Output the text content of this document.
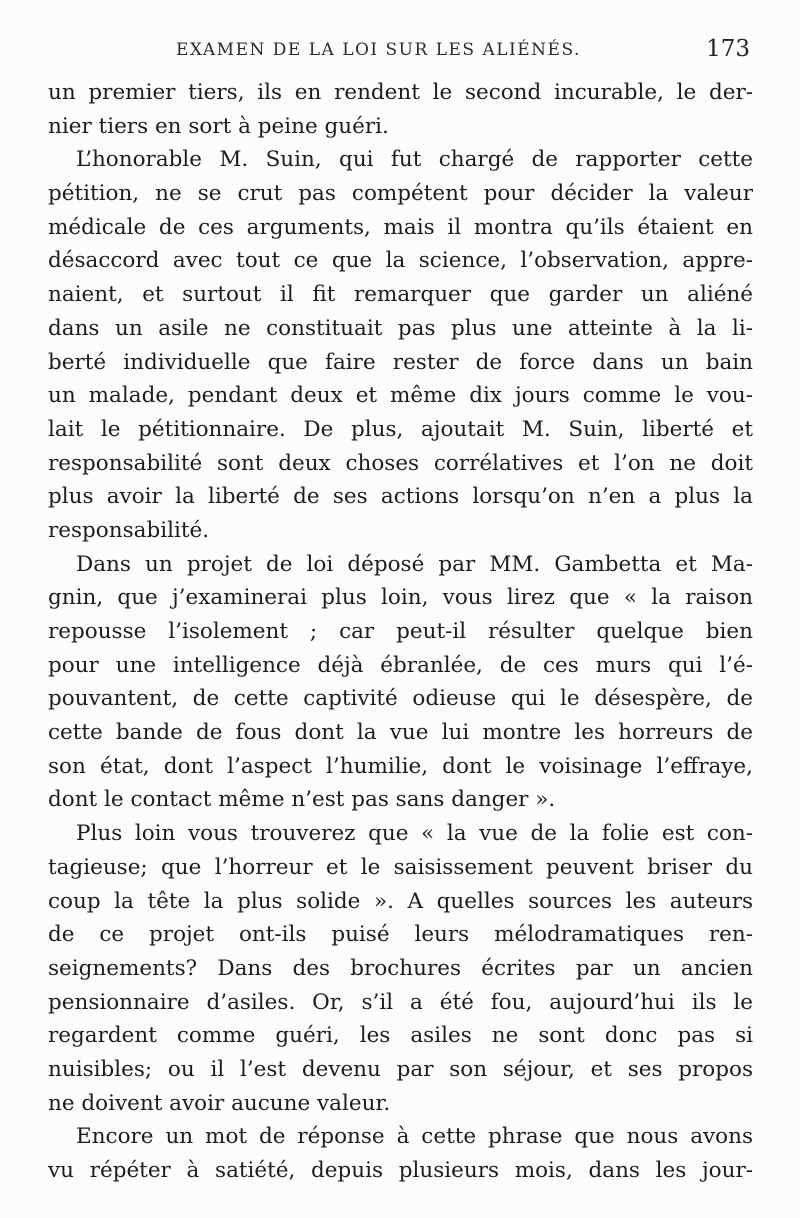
EXAMEN DE LA LOI SUR LES ALIÉNÉS.	173
un premier tiers, ils en rendent le second incurable, le der-
nier tiers en sort à peine guéri.
L’honorable M. Suin, qui fut chargé de rapporter cette
pétition, ne se crut pas compétent pour décider la valeur
médicale de ces arguments, mais il montra qu’ils étaient en
désaccord avec tout ce que la science, l’observation, appre-
naient, et surtout il fit remarquer que garder un aliéné
dans un asile ne constituait pas plus une atteinte à la li-
berté individuelle que faire rester de force dans un bain
un malade, pendant deux et même dix jours comme le vou-
lait le pétitionnaire. De plus, ajoutait M. Suin, liberté et
responsabilité sont deux choses corrélatives et l’on ne doit
plus avoir la liberté de ses actions lorsqu’on n’en a plus la
responsabilité.
Dans un projet de loi déposé par MM. Gambetta et Ma-
gnin, que j’examinerai plus loin, vous lirez que « la raison
repousse l’isolement ; car peut-il résulter quelque bien
pour une intelligence déjà ébranlée, de ces murs qui l’é-
pouvantent, de cette captivité odieuse qui le désespère, de
cette bande de fous dont la vue lui montre les horreurs de
son état, dont l’aspect l’humilie, dont le voisinage l’effraye,
dont le contact même n’est pas sans danger ».
Plus loin vous trouverez que « la vue de la folie est con-
tagieuse; que l’horreur et le saisissement peuvent briser du
coup la tête la plus solide ». A quelles sources les auteurs
de ce projet ont-ils puisé leurs mélodramatiques ren-
seignements? Dans des brochures écrites par un ancien
pensionnaire d’asiles. Or, s’il a été fou, aujourd’hui ils le
regardent comme guéri, les asiles ne sont donc pas si
nuisibles; ou il l’est devenu par son séjour, et ses propos
ne doivent avoir aucune valeur.
Encore un mot de réponse à cette phrase que nous avons
vu répéter à satiété, depuis plusieurs mois, dans les jour-
